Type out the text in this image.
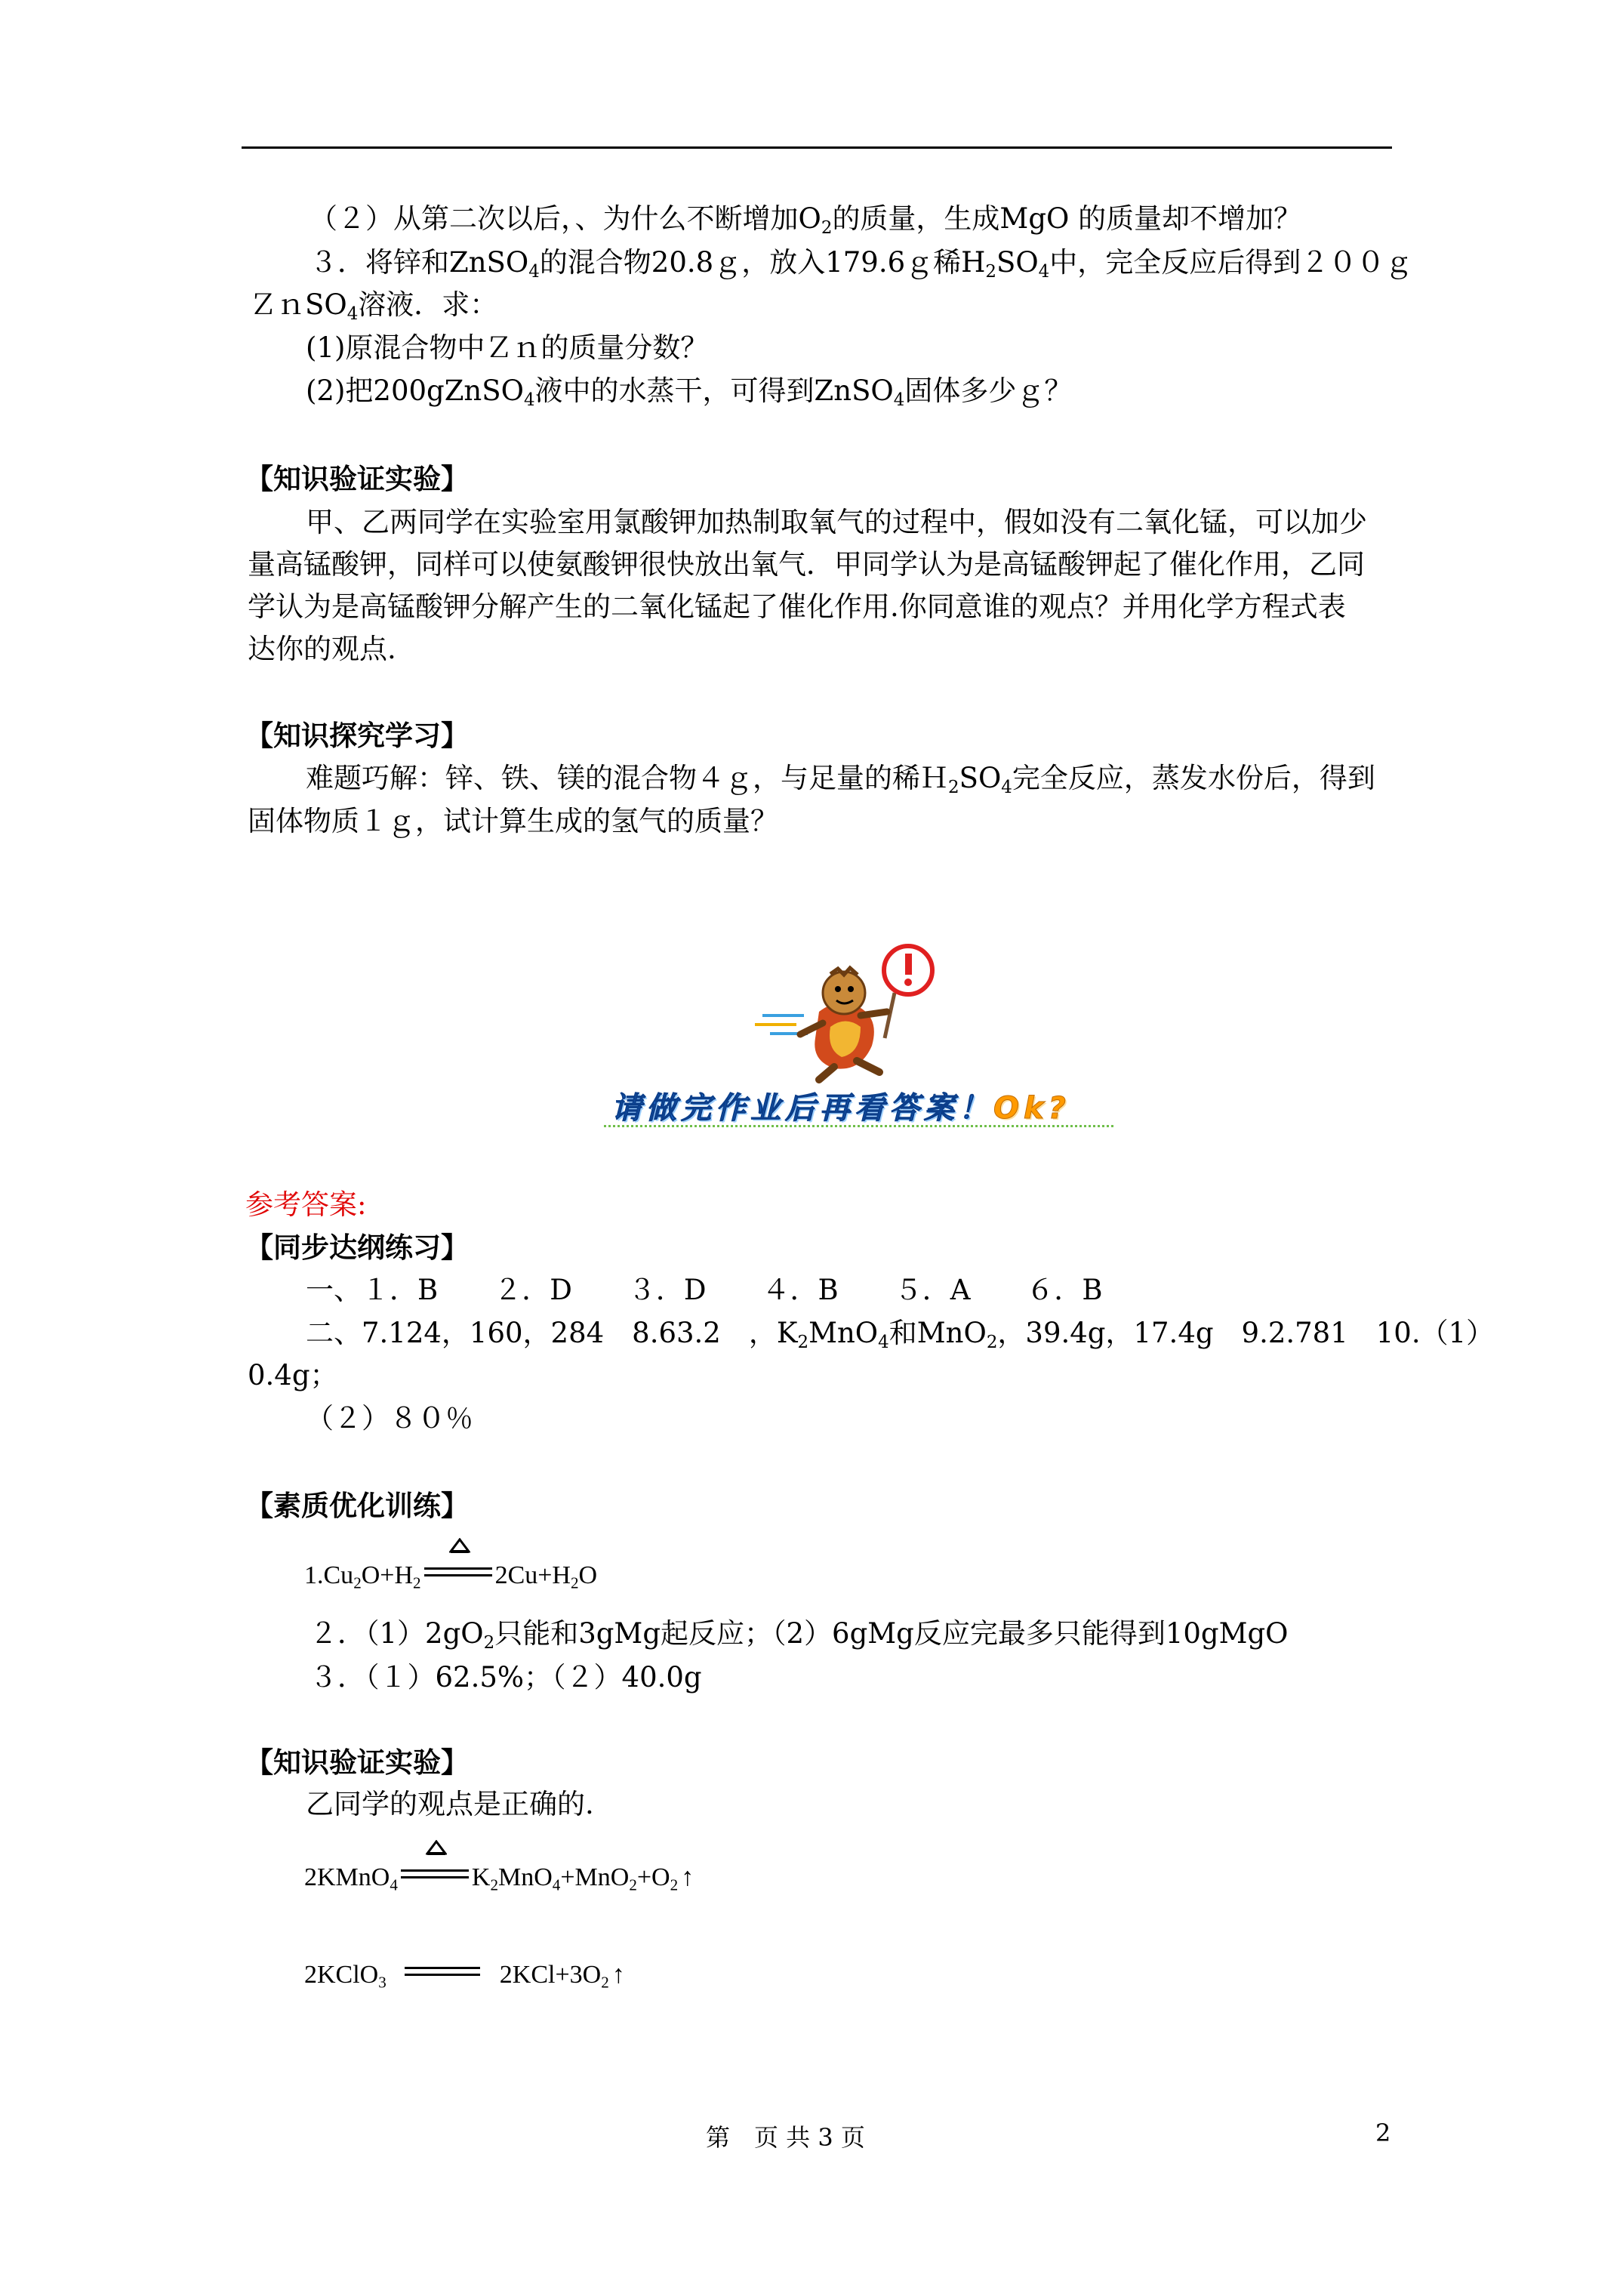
（２）从第二次以后，、为什么不断增加$O_2$的质量，生成MgO 的质量却不增加？
３．将锌和ZnSO$_4$的混合物20.8ｇ，放入179.6ｇ稀$H_2SO_4$中，完全反应后得到２００ｇ
ＺｎSO$_4$溶液．求：
(1)原混合物中Ｚｎ的质量分数？
(2)把200gZnSO$_4$液中的水蒸干，可得到ZnSO$_4$固体多少ｇ？
【知识验证实验】
甲、乙两同学在实验室用氯酸钾加热制取氧气的过程中，假如没有二氧化锰，可以加少
量高锰酸钾，同样可以使氨酸钾很快放出氧气．甲同学认为是高锰酸钾起了催化作用，乙同
学认为是高锰酸钾分解产生的二氧化锰起了催化作用.你同意谁的观点？并用化学方程式表
达你的观点.
【知识探究学习】
难题巧解：锌、铁、镁的混合物４ｇ，与足量的稀$H_2SO_4$完全反应，蒸发水份后，得到
固体物质１ｇ，试计算生成的氢气的质量？
请做完作业后再看答案！Ok?
参考答案:
【同步达纲练习】
一、１．B　　２．D　　３．D　　４．B　　５．A　　６．B
二、7.124，160，284　8.63.2　，$K_2MnO_4$和MnO$_2$，39.4g，17.4g　9.2.781　10.（1）
0.4g；
（２）８０％
【素质优化训练】
$1.Cu_2O+H_2$	$2Cu+H_2O$
２．$(1)2gO_2$只能和3gMg起反应；（2）6gMg反应完最多只能得到10gMgO
３．（１）62.5%；（２）40.0g
【知识验证实验】
乙同学的观点是正确的.
2KMnO$_4$	$K_2MnO_4+MnO_2+O_2$ ↑
2KClO$_3$	$2KCl+3O_2$ ↑
第　页 共 3 页	2
